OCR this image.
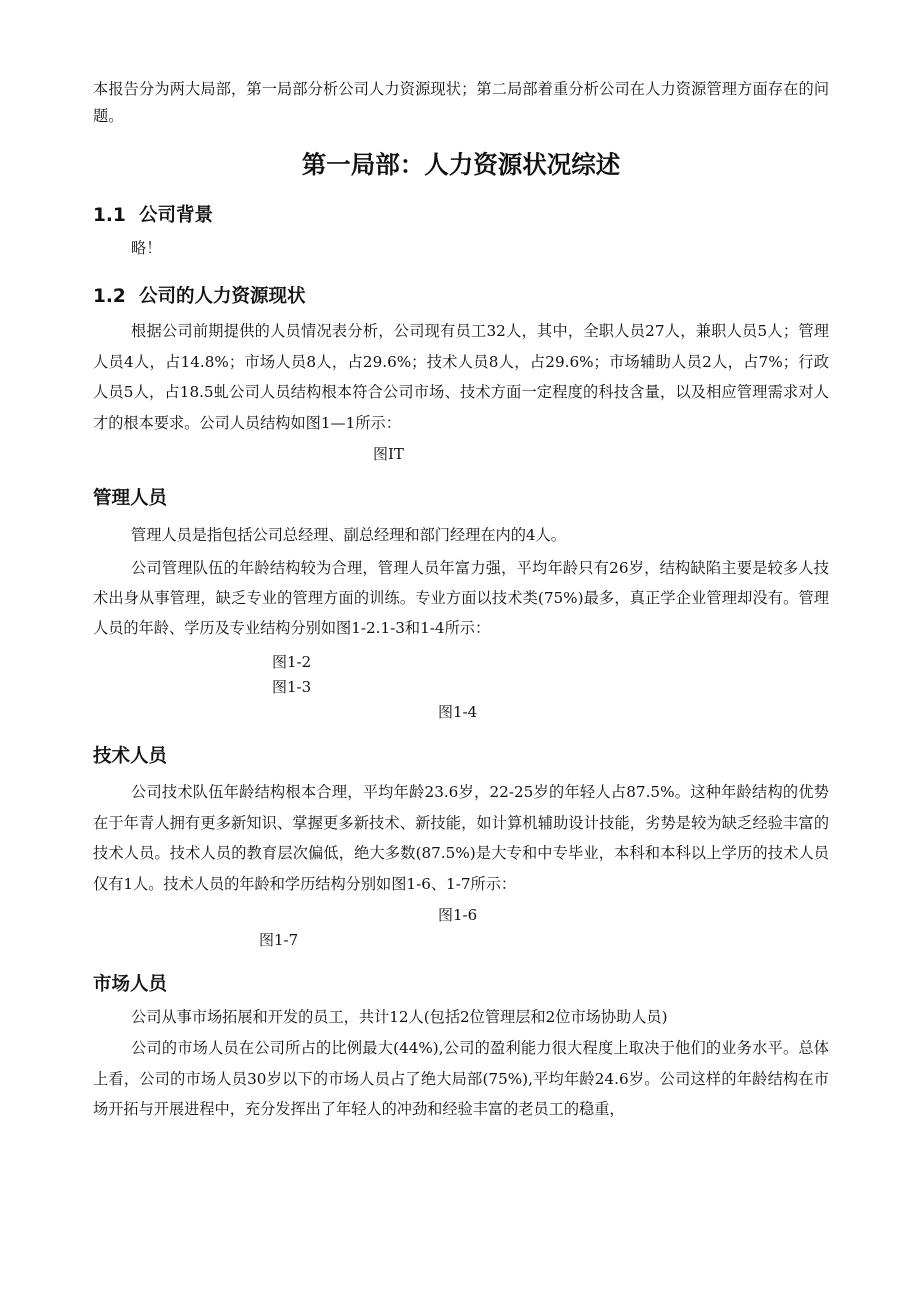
本报告分为两大局部，第一局部分析公司人力资源现状；第二局部着重分析公司在人力资源管理方面存在的问题。

第一局部：人力资源状况综述
1.1 公司背景

略！

1.2 公司的人力资源现状

根据公司前期提供的人员情况表分析，公司现有员工32人，其中，全职人员27人，兼职人员5人；管理人员4人，占14.8%；市场人员8人，占29.6%；技术人员8人，占29.6%；市场辅助人员2人，占7%；行政人员5人，占18.5虬公司人员结构根本符合公司市场、技术方面一定程度的科技含量，以及相应管理需求对人才的根本要求。公司人员结构如图1—1所示：

图IT

管理人员

管理人员是指包括公司总经理、副总经理和部门经理在内的4人。

公司管理队伍的年龄结构较为合理，管理人员年富力强，平均年龄只有26岁，结构缺陷主要是较多人技术出身从事管理，缺乏专业的管理方面的训练。专业方面以技术类(75%)最多，真正学企业管理却没有。管理人员的年龄、学历及专业结构分别如图1-2.1-3和1-4所示：

图1-2

图1-3

图1-4

技术人员

公司技术队伍年龄结构根本合理，平均年龄23.6岁，22-25岁的年轻人占87.5%。这种年龄结构的优势在于年青人拥有更多新知识、掌握更多新技术、新技能，如计算机辅助设计技能，劣势是较为缺乏经验丰富的技术人员。技术人员的教育层次偏低，绝大多数(87.5%)是大专和中专毕业，本科和本科以上学历的技术人员仅有1人。技术人员的年龄和学历结构分别如图1-6、1-7所示：

图1-6

图1-7

市场人员

公司从事市场拓展和开发的员工，共计12人(包括2位管理层和2位市场协助人员)

公司的市场人员在公司所占的比例最大(44%),公司的盈利能力很大程度上取决于他们的业务水平。总体上看，公司的市场人员30岁以下的市场人员占了绝大局部(75%),平均年龄24.6岁。公司这样的年龄结构在市场开拓与开展进程中，充分发挥出了年轻人的冲劲和经验丰富的老员工的稳重，
